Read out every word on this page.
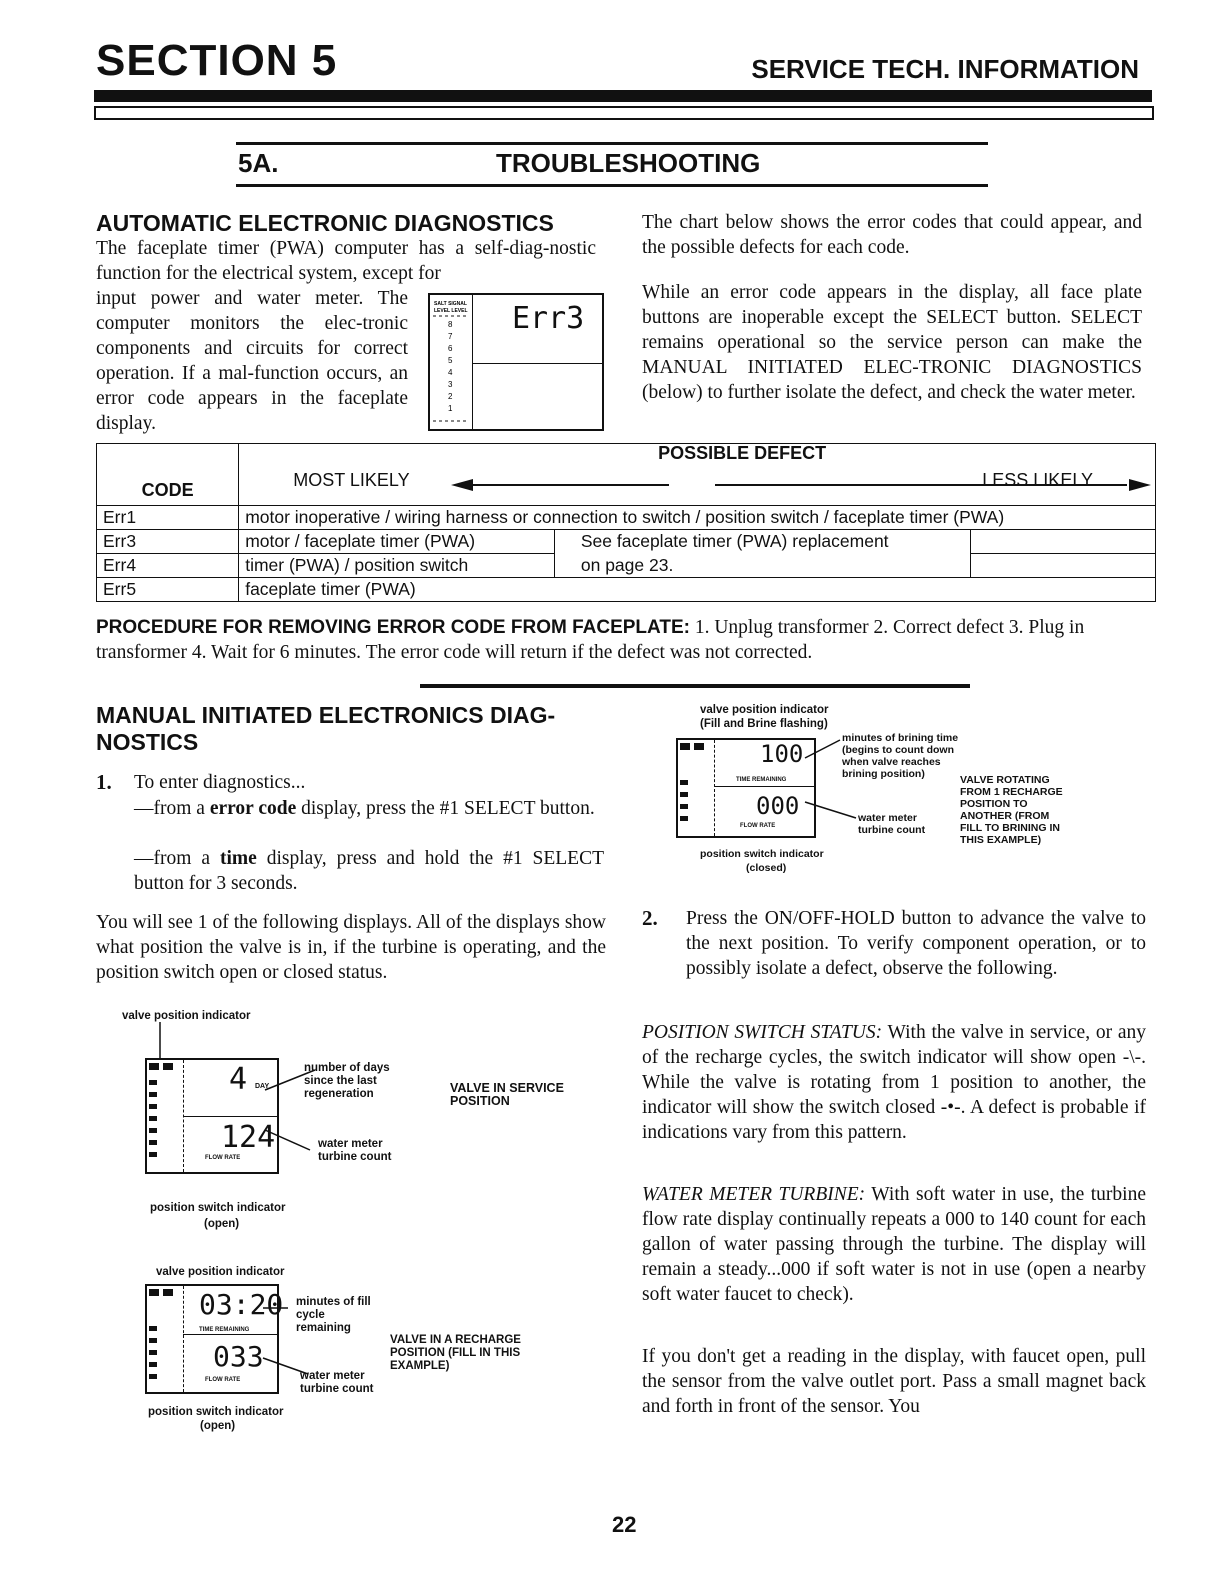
SECTION 5	SERVICE TECH. INFORMATION
5A.	TROUBLESHOOTING
AUTOMATIC ELECTRONIC DIAGNOSTICS
The faceplate timer (PWA) computer has a self-diag-nostic function for the electrical system, except for
input power and water meter. The computer monitors the elec-tronic components and circuits for correct operation. If a mal-function occurs, an error code appears in the faceplate display.
SALT SIGNAL
LEVEL LEVEL
8
7
6
5
4
3
2
1
Err3
The chart below shows the error codes that could appear, and the possible defects for each code.
While an error code appears in the display, all face plate buttons are inoperable except the SELECT button. SELECT remains operational so the service person can make the MANUAL INITIATED ELEC-TRONIC DIAGNOSTICS (below) to further isolate the defect, and check the water meter.
CODE	POSSIBLE DEFECT
MOST LIKELY LESS LIKELY		

Err1	motor inoperative / wiring harness or connection to switch / position switch / faceplate timer (PWA)		
Err3	motor / faceplate timer (PWA)	See faceplate timer (PWA) replacement	
Err4	timer (PWA) / position switch	on page 23.	
Err5	faceplate timer (PWA)		
PROCEDURE FOR REMOVING ERROR CODE FROM FACEPLATE: 1. Unplug transformer 2. Correct defect 3. Plug in transformer 4. Wait for 6 minutes. The error code will return if the defect was not corrected.
MANUAL INITIATED ELECTRONICS DIAG-NOSTICS
1. To enter diagnostics...
—from a error code display, press the #1 SELECT button.
—from a time display, press and hold the #1 SELECT button for 3 seconds.
You will see 1 of the following displays. All of the displays show what position the valve is in, if the turbine is operating, and the position switch open or closed status.
valve position indicator
4 DAY
124
FLOW RATE
number of days since the last regeneration
water meter turbine count
VALVE IN SERVICE POSITION
position switch indicator
(open)
valve position indicator
03:20
TIME REMAINING
033
FLOW RATE
minutes of fill cycle remaining
water meter turbine count
VALVE IN A RECHARGE POSITION (FILL IN THIS EXAMPLE)
position switch indicator
(open)
valve position indicator
(Fill and Brine flashing)
100
TIME REMAINING
000
FLOW RATE
minutes of brining time (begins to count down when valve reaches brining position)
water meter turbine count
VALVE ROTATING FROM 1 RECHARGE POSITION TO ANOTHER (FROM FILL TO BRINING IN THIS EXAMPLE)
position switch indicator
(closed)
2. Press the ON/OFF-HOLD button to advance the valve to the next position. To verify component operation, or to possibly isolate a defect, observe the following.
POSITION SWITCH STATUS: With the valve in service, or any of the recharge cycles, the switch indicator will show open -\-. While the valve is rotating from 1 position to another, the indicator will show the switch closed -•-. A defect is probable if indications vary from this pattern.
WATER METER TURBINE: With soft water in use, the turbine flow rate display continually repeats a 000 to 140 count for each gallon of water passing through the turbine. The display will remain a steady...000 if soft water is not in use (open a nearby soft water faucet to check).
If you don't get a reading in the display, with faucet open, pull the sensor from the valve outlet port. Pass a small magnet back and forth in front of the sensor. You
22
